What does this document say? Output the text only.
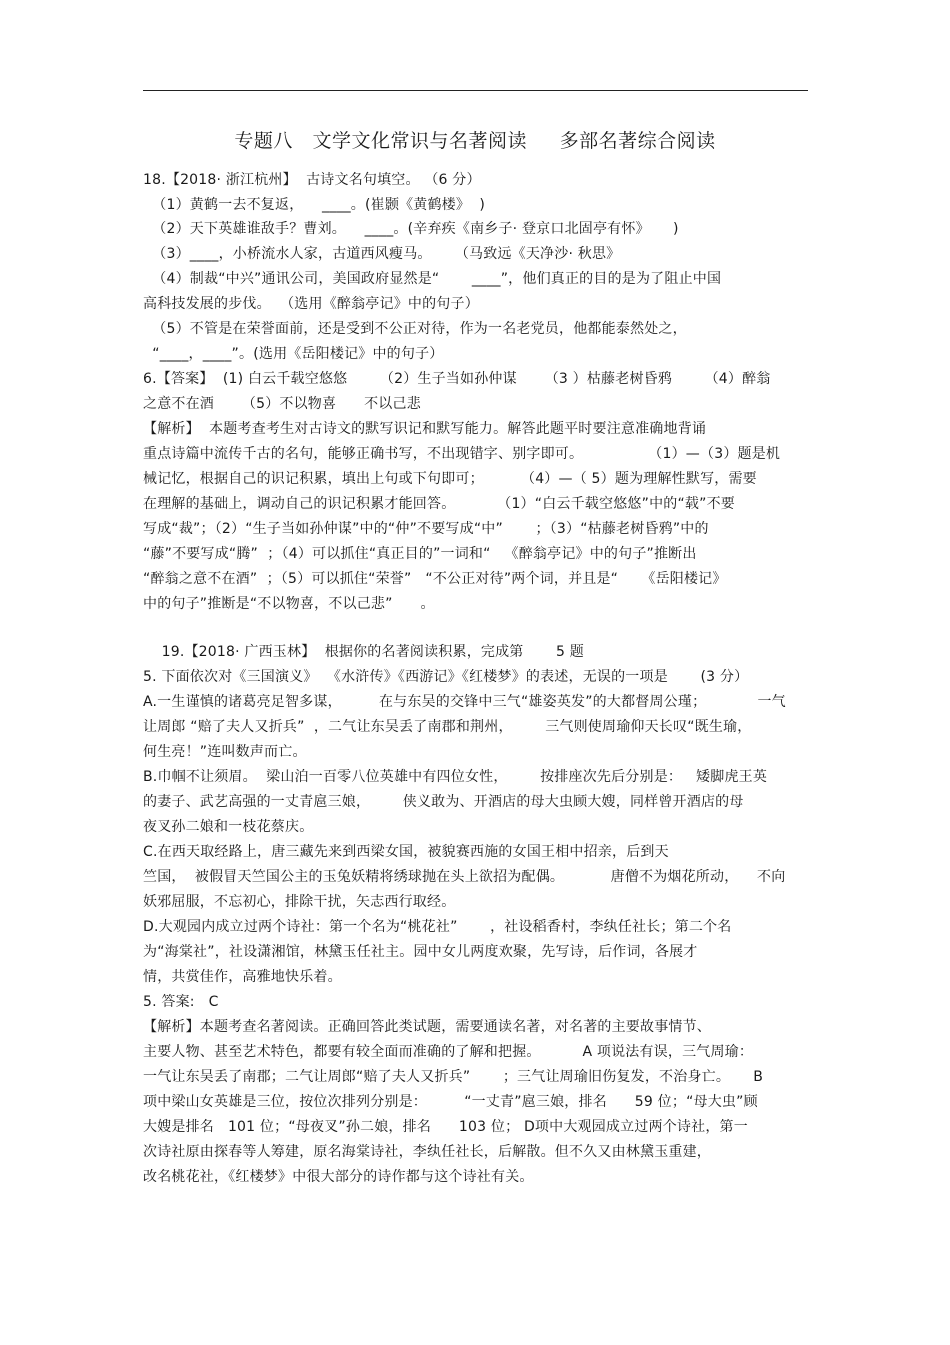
专题八   文学文化常识与名著阅读     多部名著综合阅读
18.【2018· 浙江杭州】  古诗文名句填空。 （6 分）
（1）黄鹤一去不复返，    ____。(崔颢《黄鹤楼》  )
（2）天下英雄谁敌手？曹刘。    ____。(辛弃疾《南乡子· 登京口北固亭有怀》     )
（3）____，小桥流水人家，古道西风瘦马。     （马致远《天净沙· 秋思》
（4）制裁“中兴”通讯公司，美国政府显然是“       ____”，他们真正的目的是为了阻止中国
高科技发展的步伐。  （选用《醉翁亭记》中的句子）
（5）不管是在荣誉面前，还是受到不公正对待，作为一名老党员，他都能泰然处之，
“____，____”。(选用《岳阳楼记》中的句子）
6.【答案】  (1) 白云千载空悠悠       （2）生子当如孙仲谋      （3 ）枯藤老树昏鸦       （4）醉翁
之意不在酒      （5）不以物喜      不以己悲
【解析】  本题考查考生对古诗文的默写识记和默写能力。解答此题平时要注意准确地背诵
重点诗篇中流传千古的名句，能够正确书写，不出现错字、别字即可。              （1）—（3）题是机
械记忆，根据自己的识记积累，填出上句或下句即可；        （4）—（ 5）题为理解性默写，需要
在理解的基础上，调动自己的识记积累才能回答。         （1）“白云千载空悠悠”中的“载”不要
写成“裁”；（2）“生子当如孙仲谋”中的“仲”不要写成“中”       ；（3）“枯藤老树昏鸦”中的
“藤”不要写成“腾”  ；（4）可以抓住“真正目的”一词和“   《醉翁亭记》中的句子”推断出
“醉翁之意不在酒”  ；（5）可以抓住“荣誉”   “不公正对待”两个词，并且是“     《岳阳楼记》
中的句子”推断是“不以物喜，不以己悲”      。
19.【2018· 广西玉林】  根据你的名著阅读积累，完成第       5 题
5. 下面依次对《三国演义》  《水浒传》《西游记》《红楼梦》的表述，无误的一项是       (3 分）
A.一生谨慎的诸葛亮足智多谋，        在与东吴的交锋中三气“雄姿英发”的大都督周公瑾；           一气
让周郎 “赔了夫人又折兵”  ，二气让东吴丢了南郡和荆州，       三气则使周瑜仰天长叹“既生瑜，
何生亮！”连叫数声而亡。
B.巾帼不让须眉。  梁山泊一百零八位英雄中有四位女性，       按排座次先后分别是：   矮脚虎王英
的妻子、武艺高强的一丈青扈三娘，       侠义敢为、开酒店的母大虫顾大嫂，同样曾开酒店的母
夜叉孙二娘和一枝花蔡庆。
C.在西天取经路上，唐三藏先来到西梁女国，被貌赛西施的女国王相中招亲，后到天
竺国，  被假冒天竺国公主的玉兔妖精将绣球抛在头上欲招为配偶。          唐僧不为烟花所动，    不向
妖邪屈服，不忘初心，排除干扰，矢志西行取经。
D.大观园内成立过两个诗社：第一个名为“桃花社”       ，社设稻香村，李纨任社长；第二个名
为“海棠社”，社设潇湘馆，林黛玉任社主。园中女儿两度欢聚，先写诗，后作词，各展才
情，共赏佳作，高雅地快乐着。
5. 答案:   C
【解析】本题考查名著阅读。正确回答此类试题，需要通读名著，对名著的主要故事情节、
主要人物、甚至艺术特色，都要有较全面而准确的了解和把握。         A 项说法有误，三气周瑜：
一气让东吴丢了南郡；二气让周郎“赔了夫人又折兵”       ；三气让周瑜旧伤复发，不治身亡。     B
项中梁山女英雄是三位，按位次排列分别是：        “一丈青”扈三娘，排名      59 位；“母大虫”顾
大嫂是排名   101 位；“母夜叉”孙二娘，排名      103 位； D项中大观园成立过两个诗社，第一
次诗社原由探春等人筹建，原名海棠诗社，李纨任社长，后解散。但不久又由林黛玉重建，
改名桃花社，《红楼梦》中很大部分的诗作都与这个诗社有关。
